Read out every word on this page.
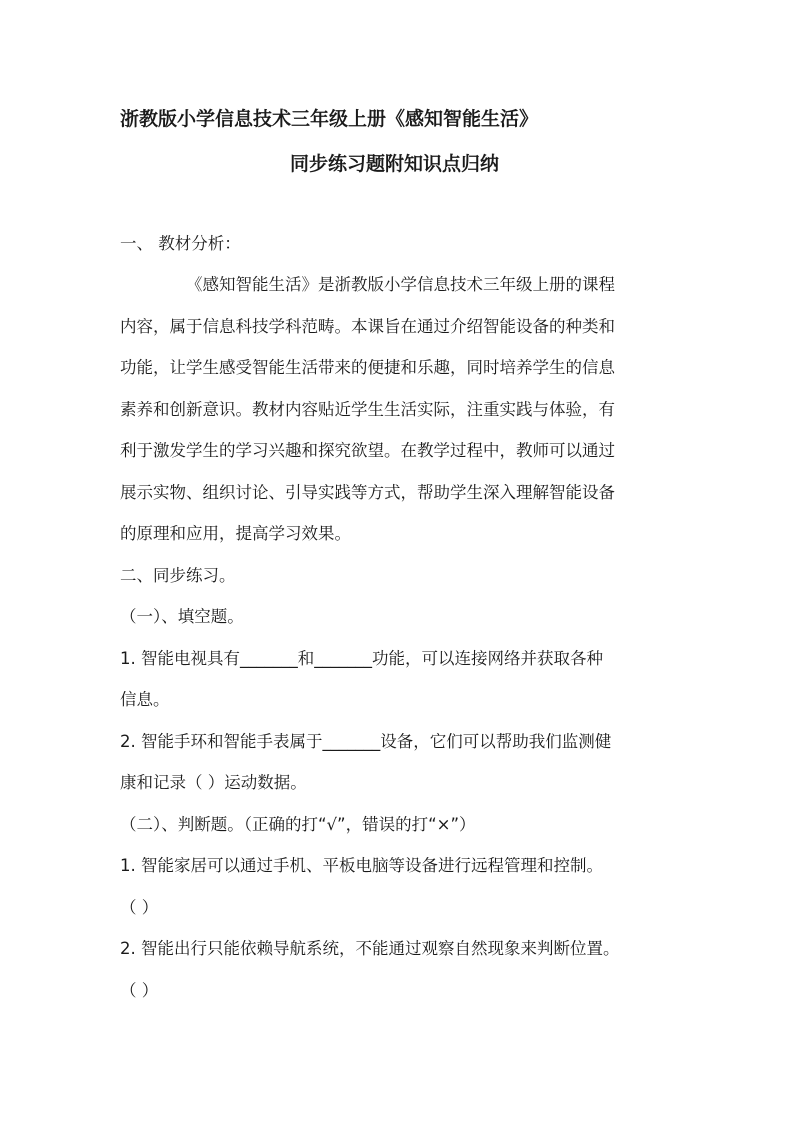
浙教版小学信息技术三年级上册《感知智能生活》
同步练习题附知识点归纳
一、 教材分析：
《感知智能生活》是浙教版小学信息技术三年级上册的课程
内容，属于信息科技学科范畴。本课旨在通过介绍智能设备的种类和
功能，让学生感受智能生活带来的便捷和乐趣，同时培养学生的信息
素养和创新意识。教材内容贴近学生生活实际，注重实践与体验，有
利于激发学生的学习兴趣和探究欲望。在教学过程中，教师可以通过
展示实物、组织讨论、引导实践等方式，帮助学生深入理解智能设备
的原理和应用，提高学习效果。
二、同步练习。
（一）、填空题。
1. 智能电视具有_______和_______功能，可以连接网络并获取各种
信息。
2. 智能手环和智能手表属于_______设备，它们可以帮助我们监测健
康和记录（ ）运动数据。
（二）、判断题。（正确的打“√”，错误的打“×”）
1. 智能家居可以通过手机、平板电脑等设备进行远程管理和控制。
（ ）
2. 智能出行只能依赖导航系统，不能通过观察自然现象来判断位置。
（ ）
